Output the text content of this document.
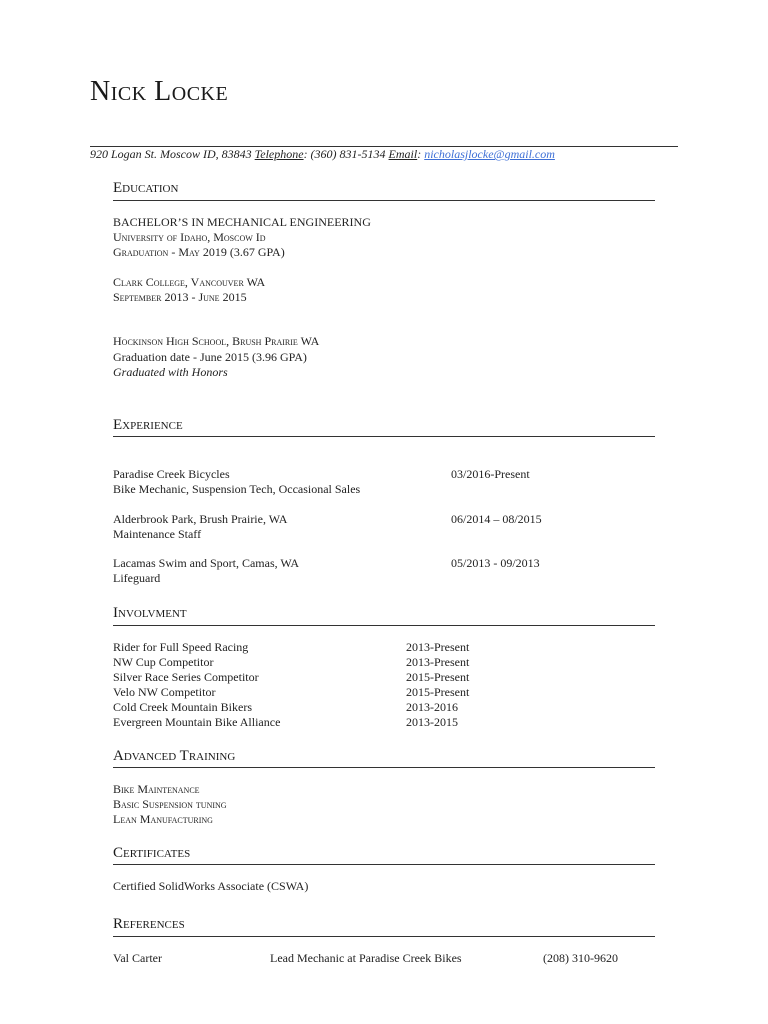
Nick Locke
920 Logan St. Moscow ID, 83843 Telephone: (360) 831-5134 Email: nicholasjlocke@gmail.com
Education
BACHELOR’S IN MECHANICAL ENGINEERING
University of Idaho, Moscow Id
Graduation - May 2019 (3.67 GPA)
Clark College, Vancouver WA
September 2013 - June 2015
Hockinson High School, Brush Prairie WA
Graduation date - June 2015 (3.96 GPA)
Graduated with Honors
Experience
Paradise Creek Bicycles	03/2016-Present
Bike Mechanic, Suspension Tech, Occasional Sales
Alderbrook Park, Brush Prairie, WA	06/2014 – 08/2015
Maintenance Staff
Lacamas Swim and Sport, Camas, WA	05/2013 - 09/2013
Lifeguard
Involvment
Rider for Full Speed Racing	2013-Present
NW Cup Competitor	2013-Present
Silver Race Series Competitor	2015-Present
Velo NW Competitor	2015-Present
Cold Creek Mountain Bikers	2013-2016
Evergreen Mountain Bike Alliance	2013-2015
Advanced Training
Bike Maintenance
Basic Suspension tuning
Lean Manufacturing
Certificates
Certified SolidWorks Associate (CSWA)
References
Val Carter	Lead Mechanic at Paradise Creek Bikes	(208) 310-9620
